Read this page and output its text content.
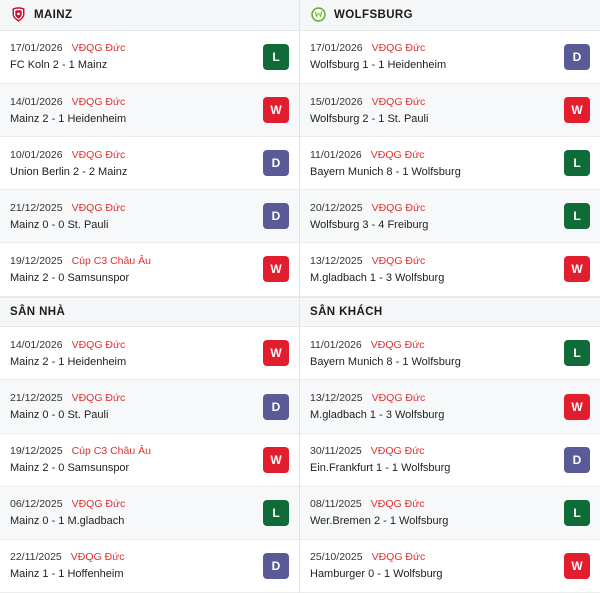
MAINZ
17/01/2026 VĐQG Đức
FC Koln 2 - 1 Mainz
L
14/01/2026 VĐQG Đức
Mainz 2 - 1 Heidenheim
W
10/01/2026 VĐQG Đức
Union Berlin 2 - 2 Mainz
D
21/12/2025 VĐQG Đức
Mainz 0 - 0 St. Pauli
D
19/12/2025 Cúp C3 Châu Âu
Mainz 2 - 0 Samsunspor
W
SÂN NHÀ
14/01/2026 VĐQG Đức
Mainz 2 - 1 Heidenheim
W
21/12/2025 VĐQG Đức
Mainz 0 - 0 St. Pauli
D
19/12/2025 Cúp C3 Châu Âu
Mainz 2 - 0 Samsunspor
W
06/12/2025 VĐQG Đức
Mainz 0 - 1 M.gladbach
L
22/11/2025 VĐQG Đức
Mainz 1 - 1 Hoffenheim
D
WOLFSBURG
17/01/2026 VĐQG Đức
Wolfsburg 1 - 1 Heidenheim
D
15/01/2026 VĐQG Đức
Wolfsburg 2 - 1 St. Pauli
W
11/01/2026 VĐQG Đức
Bayern Munich 8 - 1 Wolfsburg
L
20/12/2025 VĐQG Đức
Wolfsburg 3 - 4 Freiburg
L
13/12/2025 VĐQG Đức
M.gladbach 1 - 3 Wolfsburg
W
SÂN KHÁCH
11/01/2026 VĐQG Đức
Bayern Munich 8 - 1 Wolfsburg
L
13/12/2025 VĐQG Đức
M.gladbach 1 - 3 Wolfsburg
W
30/11/2025 VĐQG Đức
Ein.Frankfurt 1 - 1 Wolfsburg
D
08/11/2025 VĐQG Đức
Wer.Bremen 2 - 1 Wolfsburg
L
25/10/2025 VĐQG Đức
Hamburger 0 - 1 Wolfsburg
W
